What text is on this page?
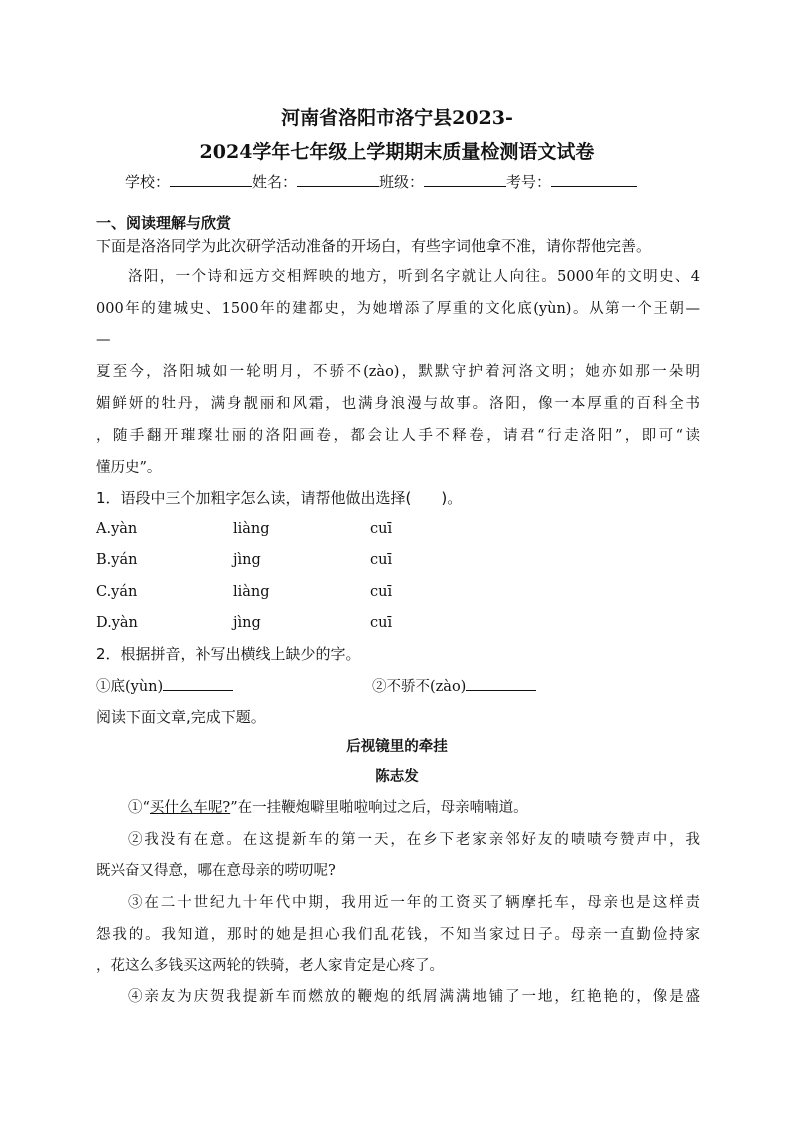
河南省洛阳市洛宁县2023-
2024学年七年级上学期期末质量检测语文试卷
学校：	姓名：	班级：	考号：
一、阅读理解与欣赏
下面是洛洛同学为此次研学活动准备的开场白，有些字词他拿不准，请你帮他完善。
洛阳，一个诗和远方交相辉映的地方，听到名字就让人向往。5000年的文明史、4
000年的建城史、1500年的建都史，为她增添了厚重的文化底(yùn)。从第一个王朝—
—
夏至今，洛阳城如一轮明月，不骄不(zào)，默默守护着河洛文明；她亦如那一朵明
媚鲜妍的牡丹，满身靓丽和风霜，也满身浪漫与故事。洛阳，像一本厚重的百科全书
，随手翻开璀璨壮丽的洛阳画卷，都会让人手不释卷，请君“行走洛阳”，即可“读
懂历史”。
1．语段中三个加粗字怎么读，请帮他做出选择(　　)。
A.yàn	liàng	cuī
B.yán	jìng	cuī
C.yán	liàng	cuī
D.yàn	jìng	cuī
2．根据拼音，补写出横线上缺少的字。
①底(yùn)	②不骄不(zào)
阅读下面文章,完成下题。
后视镜里的牵挂
陈志发
①“买什么车呢?”在一挂鞭炮噼里啪啦响过之后，母亲喃喃道。
②我没有在意。在这提新车的第一天，在乡下老家亲邻好友的啧啧夸赞声中，我
既兴奋又得意，哪在意母亲的唠叨呢?
③在二十世纪九十年代中期，我用近一年的工资买了辆摩托车，母亲也是这样责
怨我的。我知道，那时的她是担心我们乱花钱，不知当家过日子。母亲一直勤俭持家
，花这么多钱买这两轮的铁骑，老人家肯定是心疼了。
④亲友为庆贺我提新车而燃放的鞭炮的纸屑满满地铺了一地，红艳艳的，像是盛
